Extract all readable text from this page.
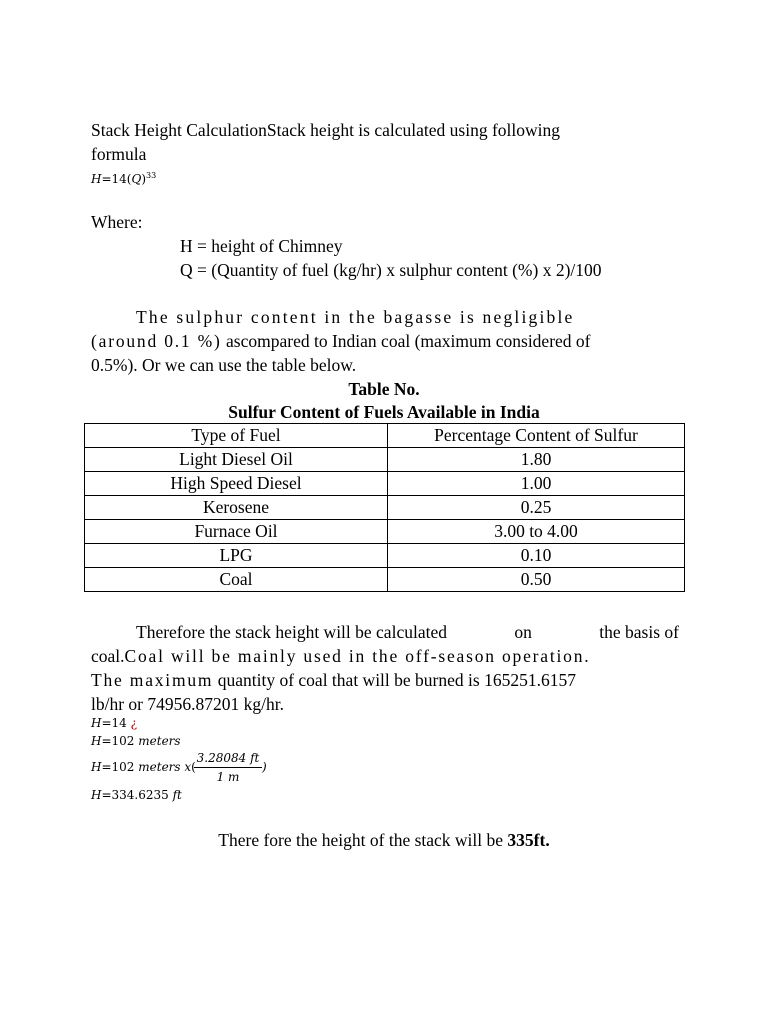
Stack Height CalculationStack height is calculated using following
formula
$H=14(Q)^{33}$
Where:
H = height of Chimney
Q = (Quantity of fuel (kg/hr) x sulphur content (%) x 2)/100
The sulphur content in the bagasse is negligible
(around 0.1 %) ascompared to Indian coal (maximum considered of
0.5%). Or we can use the table below.
Table No.
Sulfur Content of Fuels Available in India
Type of Fuel	Percentage Content of Sulfur
Light Diesel Oil	1.80
High Speed Diesel	1.00
Kerosene	0.25
Furnace Oil	3.00 to 4.00
LPG	0.10
Coal	0.50
Therefore the stack height will be calculated	on	the basis of
coal.Coal will be mainly used in the off-season operation.
The maximum quantity of coal that will be burned is 165251.6157
lb/hr or 74956.87201 kg/hr.
H=14 ¿
H=102 meters
H=102 meters x(
$\frac{3.28084 ft}{1 m}$ )
H=334.6235 ft
There fore the height of the stack will be 335ft.
